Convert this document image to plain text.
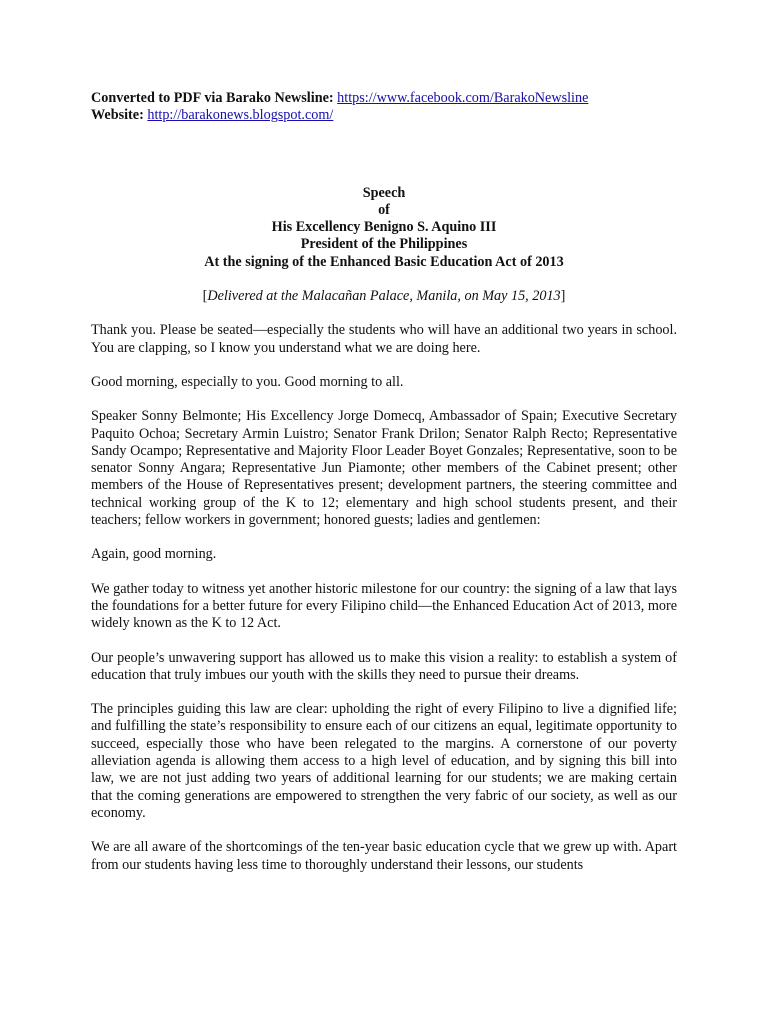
Converted to PDF via Barako Newsline: https://www.facebook.com/BarakoNewsline
Website: http://barakonews.blogspot.com/
Speech
of
His Excellency Benigno S. Aquino III
President of the Philippines
At the signing of the Enhanced Basic Education Act of 2013
[Delivered at the Malacañan Palace, Manila, on May 15, 2013]

Thank you. Please be seated—especially the students who will have an additional two years in school. You are clapping, so I know you understand what we are doing here.

Good morning, especially to you. Good morning to all.

Speaker Sonny Belmonte; His Excellency Jorge Domecq, Ambassador of Spain; Executive Secretary Paquito Ochoa; Secretary Armin Luistro; Senator Frank Drilon; Senator Ralph Recto; Representative Sandy Ocampo; Representative and Majority Floor Leader Boyet Gonzales; Representative, soon to be senator Sonny Angara; Representative Jun Piamonte; other members of the Cabinet present; other members of the House of Representatives present; development partners, the steering committee and technical working group of the K to 12; elementary and high school students present, and their teachers; fellow workers in government; honored guests; ladies and gentlemen:

Again, good morning.

We gather today to witness yet another historic milestone for our country: the signing of a law that lays the foundations for a better future for every Filipino child—the Enhanced Education Act of 2013, more widely known as the K to 12 Act.

Our people’s unwavering support has allowed us to make this vision a reality: to establish a system of education that truly imbues our youth with the skills they need to pursue their dreams.

The principles guiding this law are clear: upholding the right of every Filipino to live a dignified life; and fulfilling the state’s responsibility to ensure each of our citizens an equal, legitimate opportunity to succeed, especially those who have been relegated to the margins. A cornerstone of our poverty alleviation agenda is allowing them access to a high level of education, and by signing this bill into law, we are not just adding two years of additional learning for our students; we are making certain that the coming generations are empowered to strengthen the very fabric of our society, as well as our economy.

We are all aware of the shortcomings of the ten-year basic education cycle that we grew up with. Apart from our students having less time to thoroughly understand their lessons, our students
